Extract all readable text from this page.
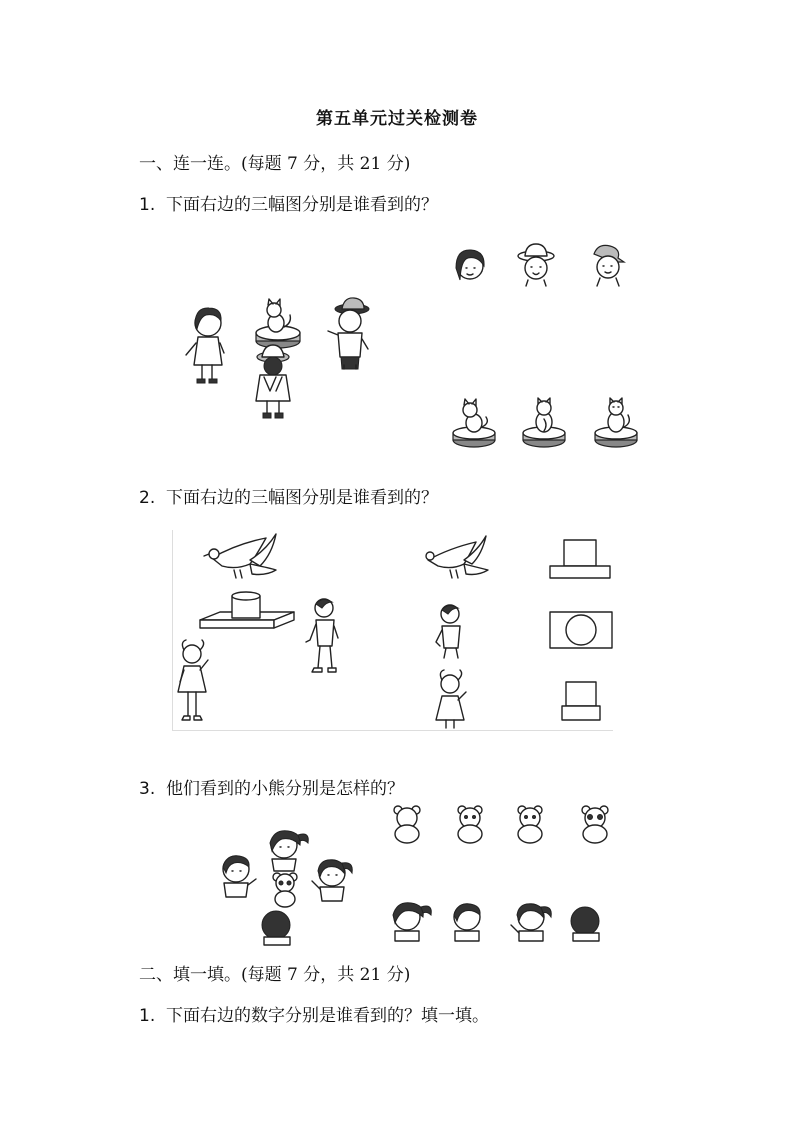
第五单元过关检测卷
一、连一连。(每题 7 分，共 21 分)
1. 下面右边的三幅图分别是谁看到的？
2. 下面右边的三幅图分别是谁看到的？
3. 他们看到的小熊分别是怎样的？
二、填一填。(每题 7 分，共 21 分)
1. 下面右边的数字分别是谁看到的？填一填。
